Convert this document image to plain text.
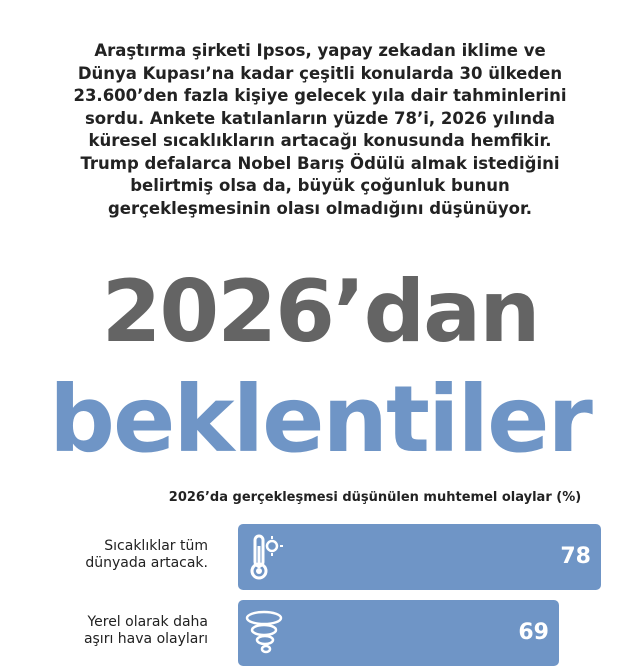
Araştırma şirketi Ipsos, yapay zekadan iklime ve
Dünya Kupası’na kadar çeşitli konularda 30 ülkeden
23.600’den fazla kişiye gelecek yıla dair tahminlerini
sordu. Ankete katılanların yüzde 78’i, 2026 yılında
küresel sıcaklıkların artacağı konusunda hemfikir.
Trump defalarca Nobel Barış Ödülü almak istediğini
belirtmiş olsa da, büyük çoğunluk bunun
gerçekleşmesinin olası olmadığını düşünüyor.
2026’dan
beklentiler
2026’da gerçekleşmesi düşünülen muhtemel olaylar (%)
Sıcaklıklar tüm
dünyada artacak.	78
Yerel olarak daha
aşırı hava olayları	69
